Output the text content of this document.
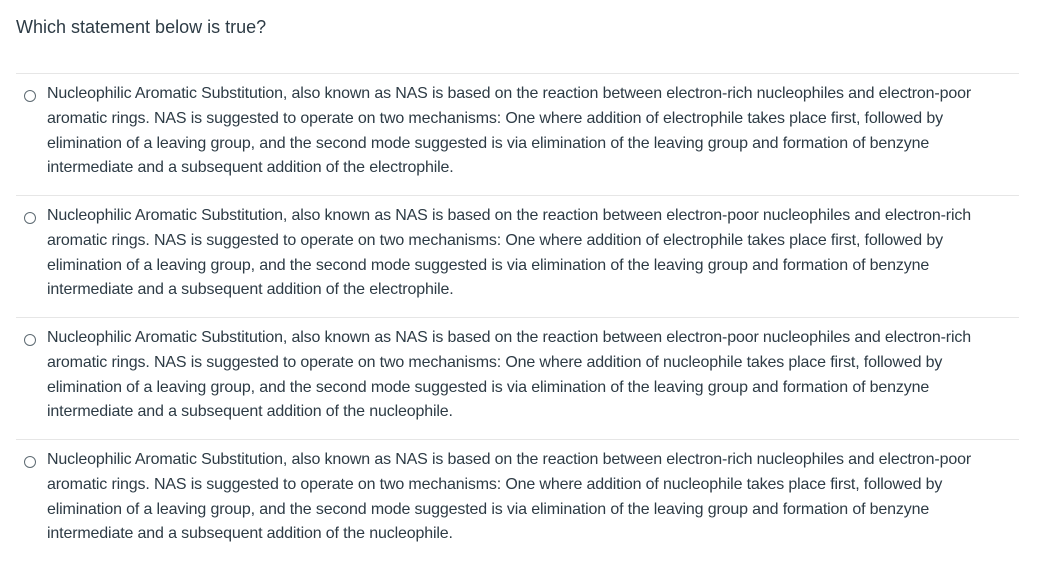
Which statement below is true?
Nucleophilic Aromatic Substitution, also known as NAS is based on the reaction between electron-rich nucleophiles and electron-poor aromatic rings. NAS is suggested to operate on two mechanisms: One where addition of electrophile takes place first, followed by elimination of a leaving group, and the second mode suggested is via elimination of the leaving group and formation of benzyne intermediate and a subsequent addition of the electrophile.
Nucleophilic Aromatic Substitution, also known as NAS is based on the reaction between electron-poor nucleophiles and electron-rich aromatic rings. NAS is suggested to operate on two mechanisms: One where addition of electrophile takes place first, followed by elimination of a leaving group, and the second mode suggested is via elimination of the leaving group and formation of benzyne intermediate and a subsequent addition of the electrophile.
Nucleophilic Aromatic Substitution, also known as NAS is based on the reaction between electron-poor nucleophiles and electron-rich aromatic rings. NAS is suggested to operate on two mechanisms: One where addition of nucleophile takes place first, followed by elimination of a leaving group, and the second mode suggested is via elimination of the leaving group and formation of benzyne intermediate and a subsequent addition of the nucleophile.
Nucleophilic Aromatic Substitution, also known as NAS is based on the reaction between electron-rich nucleophiles and electron-poor aromatic rings. NAS is suggested to operate on two mechanisms: One where addition of nucleophile takes place first, followed by elimination of a leaving group, and the second mode suggested is via elimination of the leaving group and formation of benzyne intermediate and a subsequent addition of the nucleophile.
